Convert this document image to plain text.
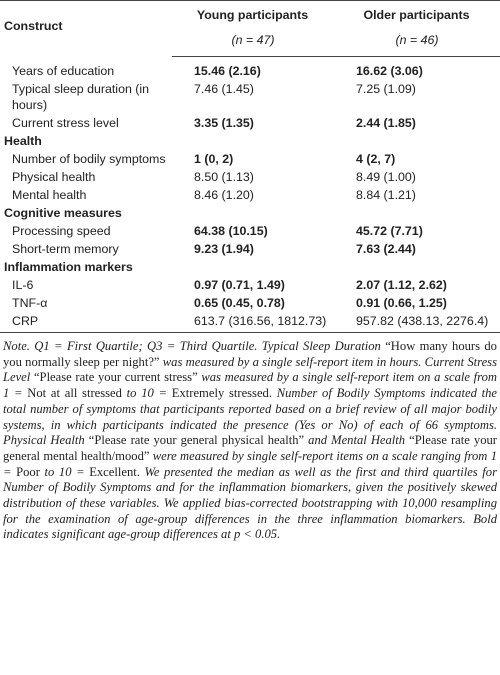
Construct	Young participants	Older participants
	(n = 47)	(n = 46)

Years of education	15.46 (2.16)	16.62 (3.06)
Typical sleep duration (in hours)	7.46 (1.45)	7.25 (1.09)
Current stress level	3.35 (1.35)	2.44 (1.85)
Health		
Number of bodily symptoms	1 (0, 2)	4 (2, 7)
Physical health	8.50 (1.13)	8.49 (1.00)
Mental health	8.46 (1.20)	8.84 (1.21)
Cognitive measures		
Processing speed	64.38 (10.15)	45.72 (7.71)
Short-term memory	9.23 (1.94)	7.63 (2.44)
Inflammation markers		
IL-6	0.97 (0.71, 1.49)	2.07 (1.12, 2.62)
TNF-α	0.65 (0.45, 0.78)	0.91 (0.66, 1.25)
CRP	613.7 (316.56, 1812.73)	957.82 (438.13, 2276.4)

Note. Q1 = First Quartile; Q3 = Third Quartile. Typical Sleep Duration “How many hours do you normally sleep per night?” was measured by a single self-report item in hours. Current Stress Level “Please rate your current stress” was measured by a single self-report item on a scale from 1 = Not at all stressed to 10 = Extremely stressed. Number of Bodily Symptoms indicated the total number of symptoms that participants reported based on a brief review of all major bodily systems, in which participants indicated the presence (Yes or No) of each of 66 symptoms. Physical Health “Please rate your general physical health” and Mental Health “Please rate your general mental health/mood” were measured by single self-report items on a scale ranging from 1 = Poor to 10 = Excellent. We presented the median as well as the first and third quartiles for Number of Bodily Symptoms and for the inflammation biomarkers, given the positively skewed distribution of these variables. We applied bias-corrected bootstrapping with 10,000 resampling for the examination of age-group differences in the three inflammation biomarkers. Bold indicates significant age-group differences at p < 0.05.
